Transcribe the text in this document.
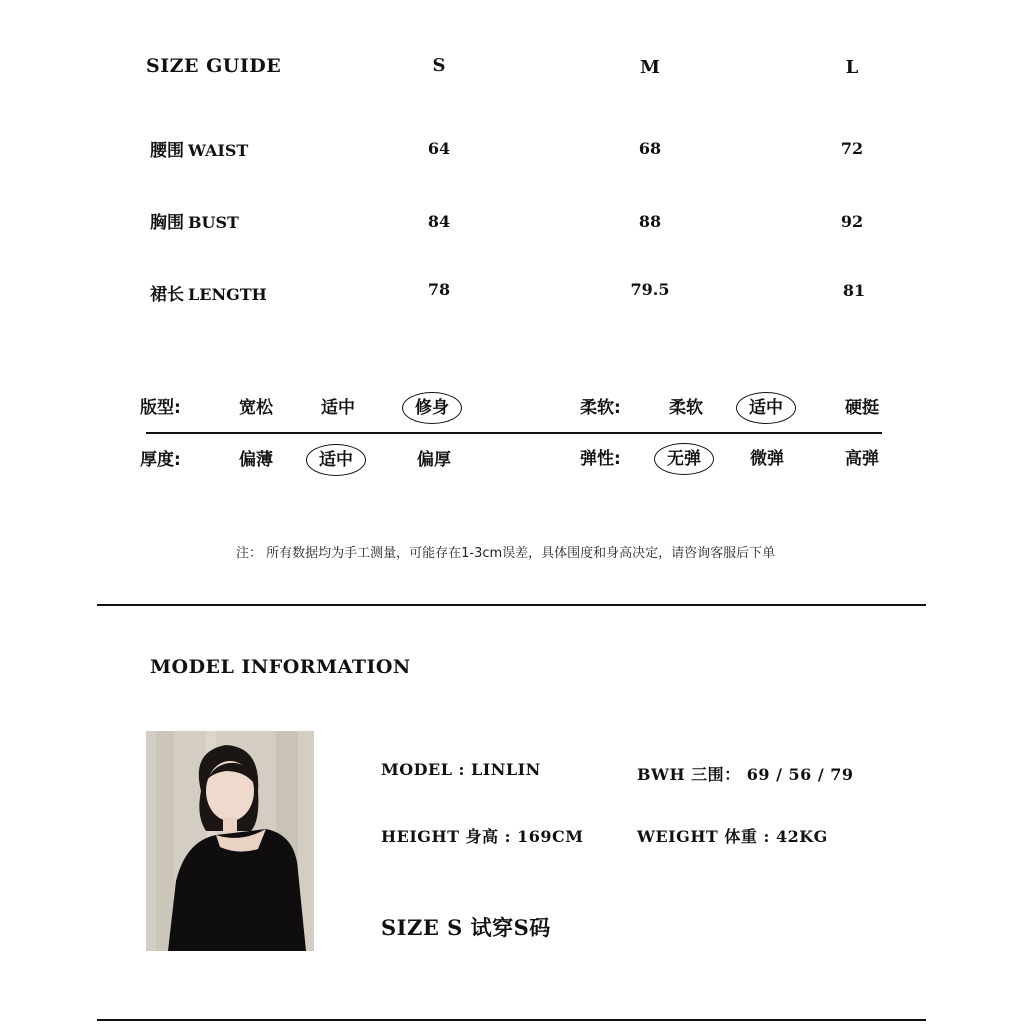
SIZE GUIDE	S	M	L
腰围 WAIST	64	68	72
胸围 BUST	84	88	92
裙长 LENGTH	78	79.5	81
版型:	宽松	适中	修身	柔软:	柔软	适中	硬挺
厚度:	偏薄	适中	偏厚	弹性:	无弹	微弹	高弹
注： 所有数据均为手工测量，可能存在1-3cm误差，具体围度和身高决定，请咨询客服后下单
MODEL INFORMATION
MODEL : LINLIN	BWH 三围： 69 / 56 / 79
HEIGHT 身高 : 169CM	WEIGHT 体重 : 42KG
SIZE S 试穿S码
